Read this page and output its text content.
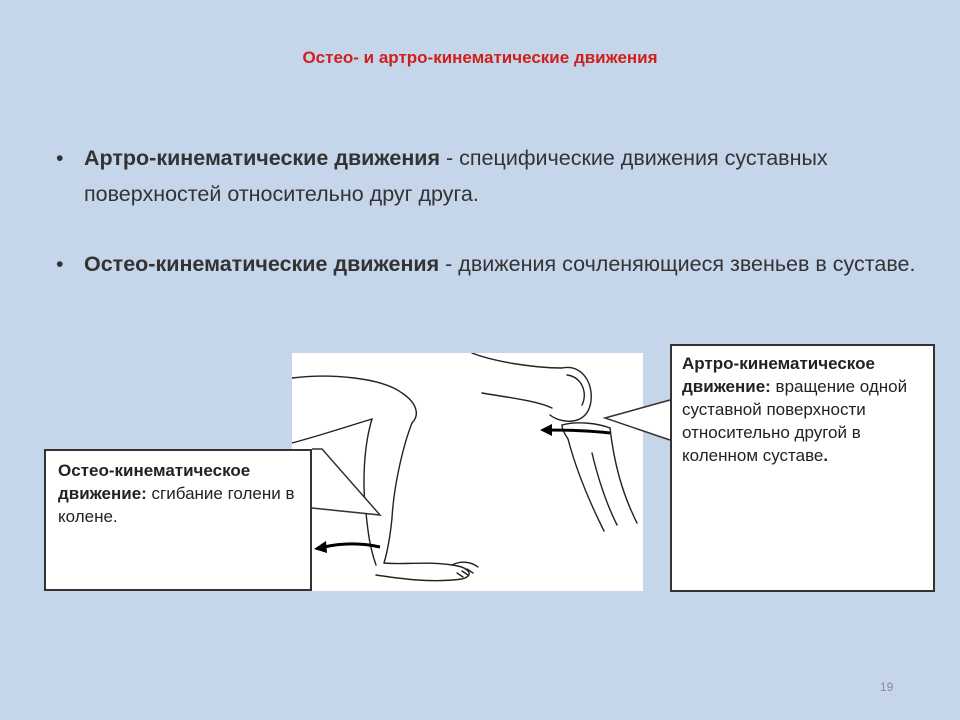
Остео- и артро-кинематические движения
• Артро-кинематические движения - специфические движения суставных поверхностей относительно друг друга.
• Остео-кинематические движения - движения сочленяющиеся звеньев в суставе.
Остео-кинематическое движение: сгибание голени в колене.
Артро-кинематическое движение: вращение одной суставной поверхности относительно другой в коленном суставе.
19
